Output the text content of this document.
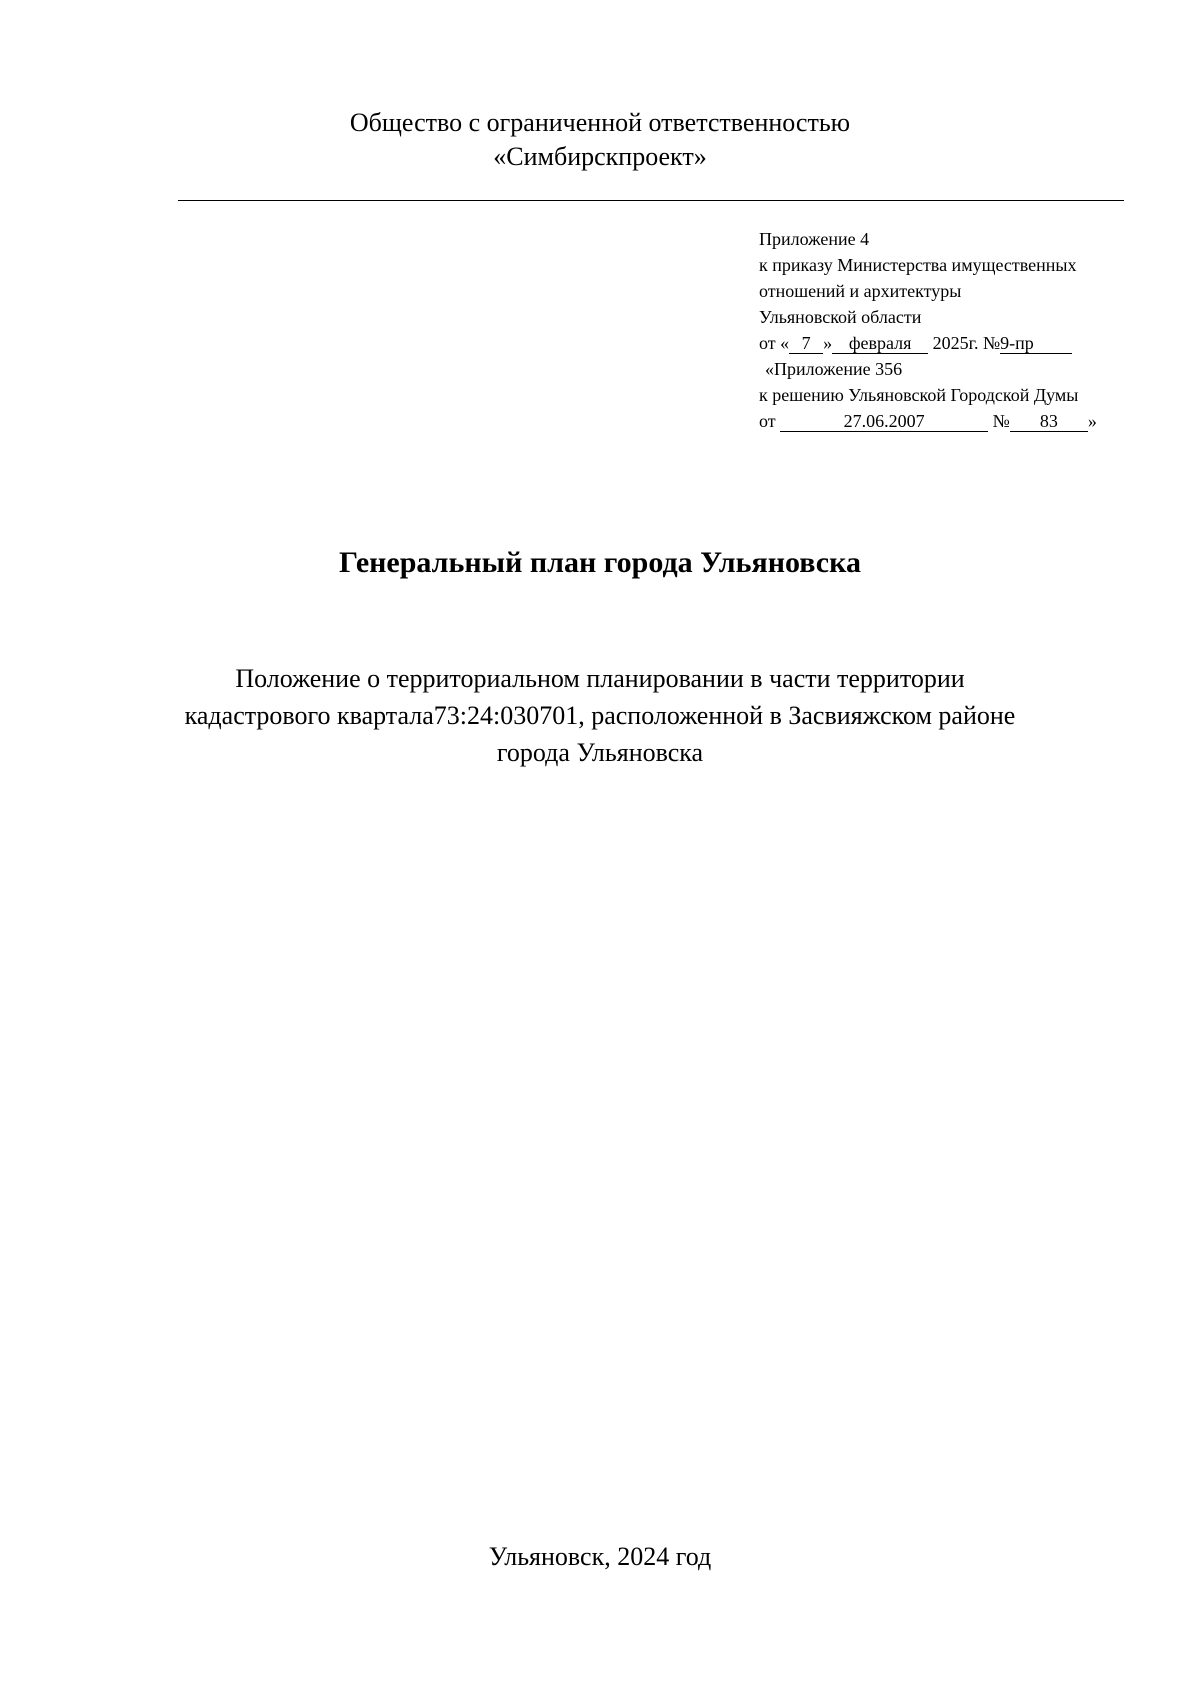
Общество с ограниченной ответственностью
«Симбирскпроект»
Приложение 4
к приказу Министерства имущественных
отношений и архитектуры
Ульяновской области
от « 7 » февраля 2025г. №9-пр
«Приложение 356
к решению Ульяновской Городской Думы
от	27.06.2007	№ 83 »
Генеральный план города Ульяновска
Положение о территориальном планировании в части территории
кадастрового квартала73:24:030701, расположенной в Засвияжском районе
города Ульяновска
Ульяновск, 2024 год
